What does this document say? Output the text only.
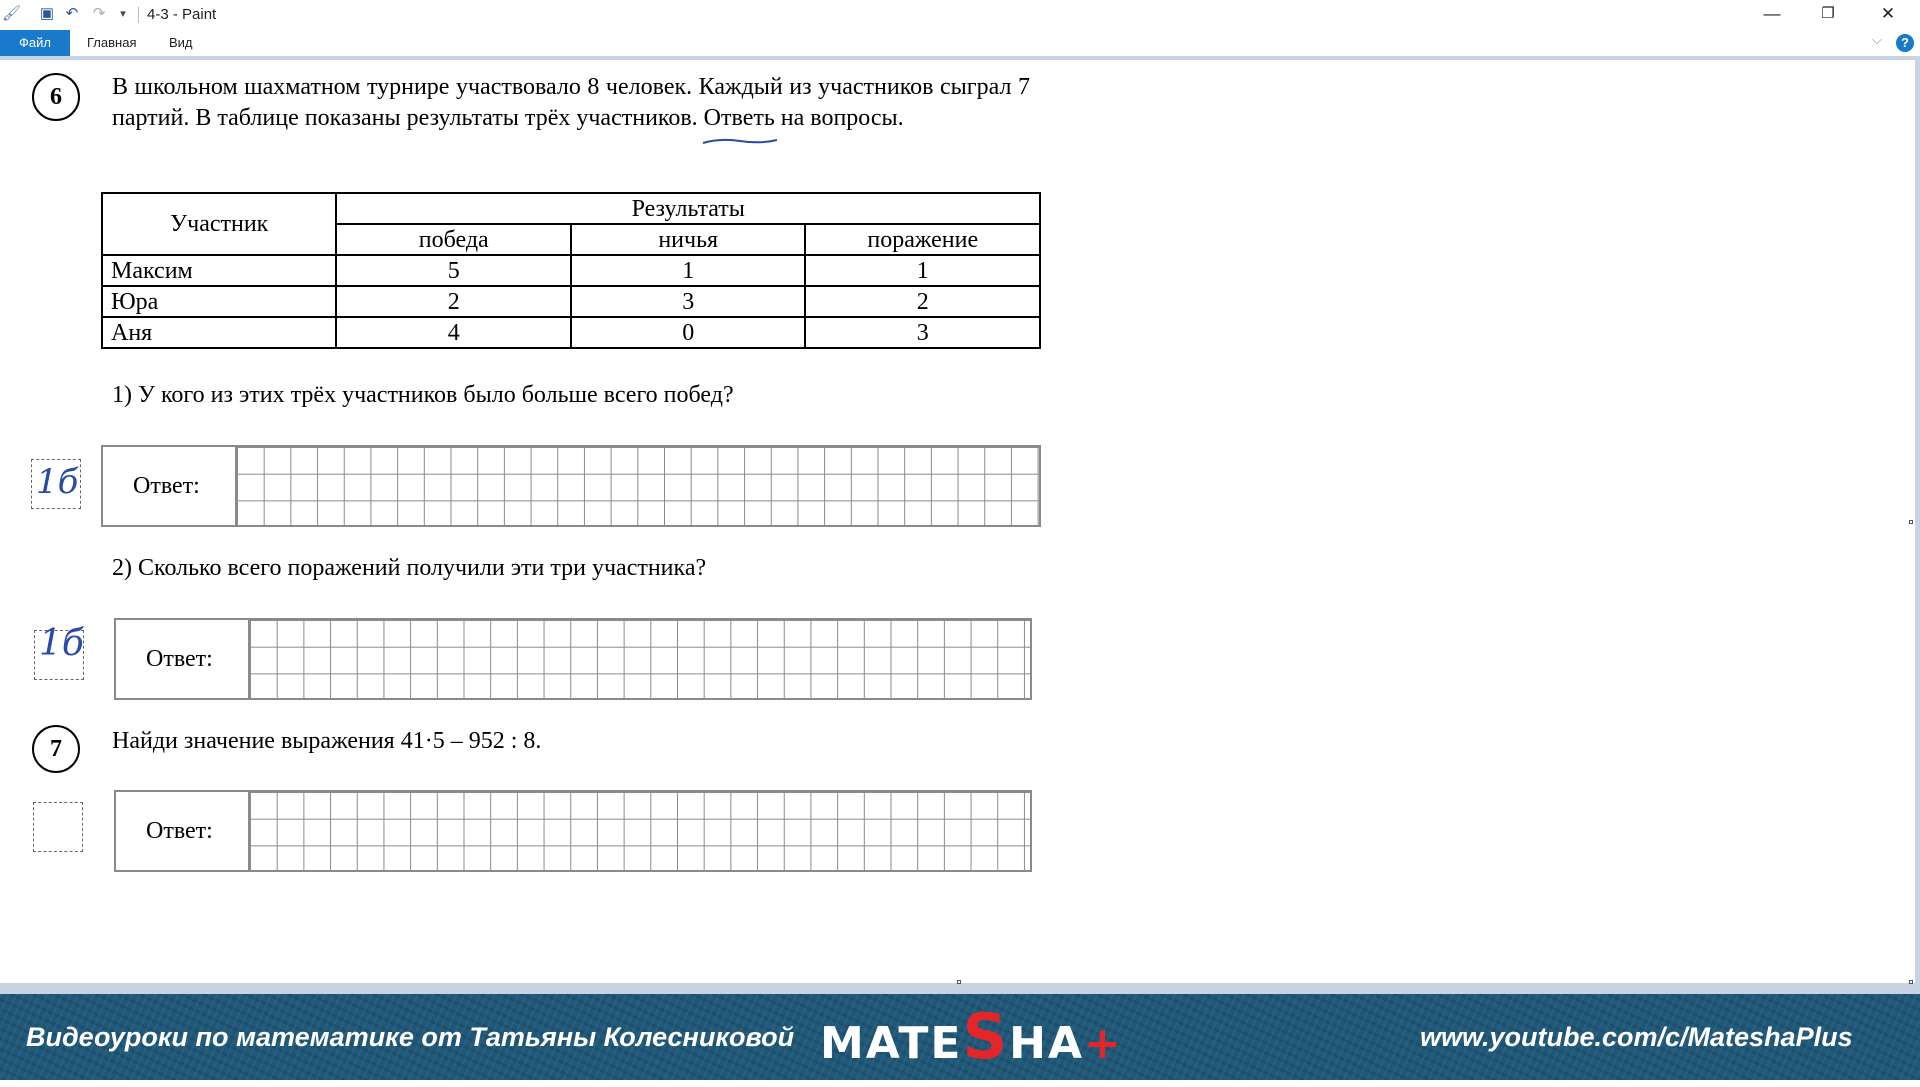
🖌 ▣ ↶ ↷	▾	4-3 - Paint	—	❐	✕
Файл	Главная	Вид	⌵	?
6	В школьном шахматном турнире участвовало 8 человек. Каждый из участников сыграл 7 партий. В таблице показаны результаты трёх участников. Ответь на вопросы.
Участник	Результаты		
	победа	ничья	поражение
Максим	5	1	1
Юра	2	3	2
Аня	4	0	3
1) У кого из этих трёх участников было больше всего побед?
1б Ответ:
2) Сколько всего поражений получили эти три участника?
1б	Ответ:
7	Найди значение выражения 41·5 – 952 : 8.
Ответ:
Видеоуроки по математике от Татьяны Колесниковой MATESHA+	www.youtube.com/c/MateshaPlus
